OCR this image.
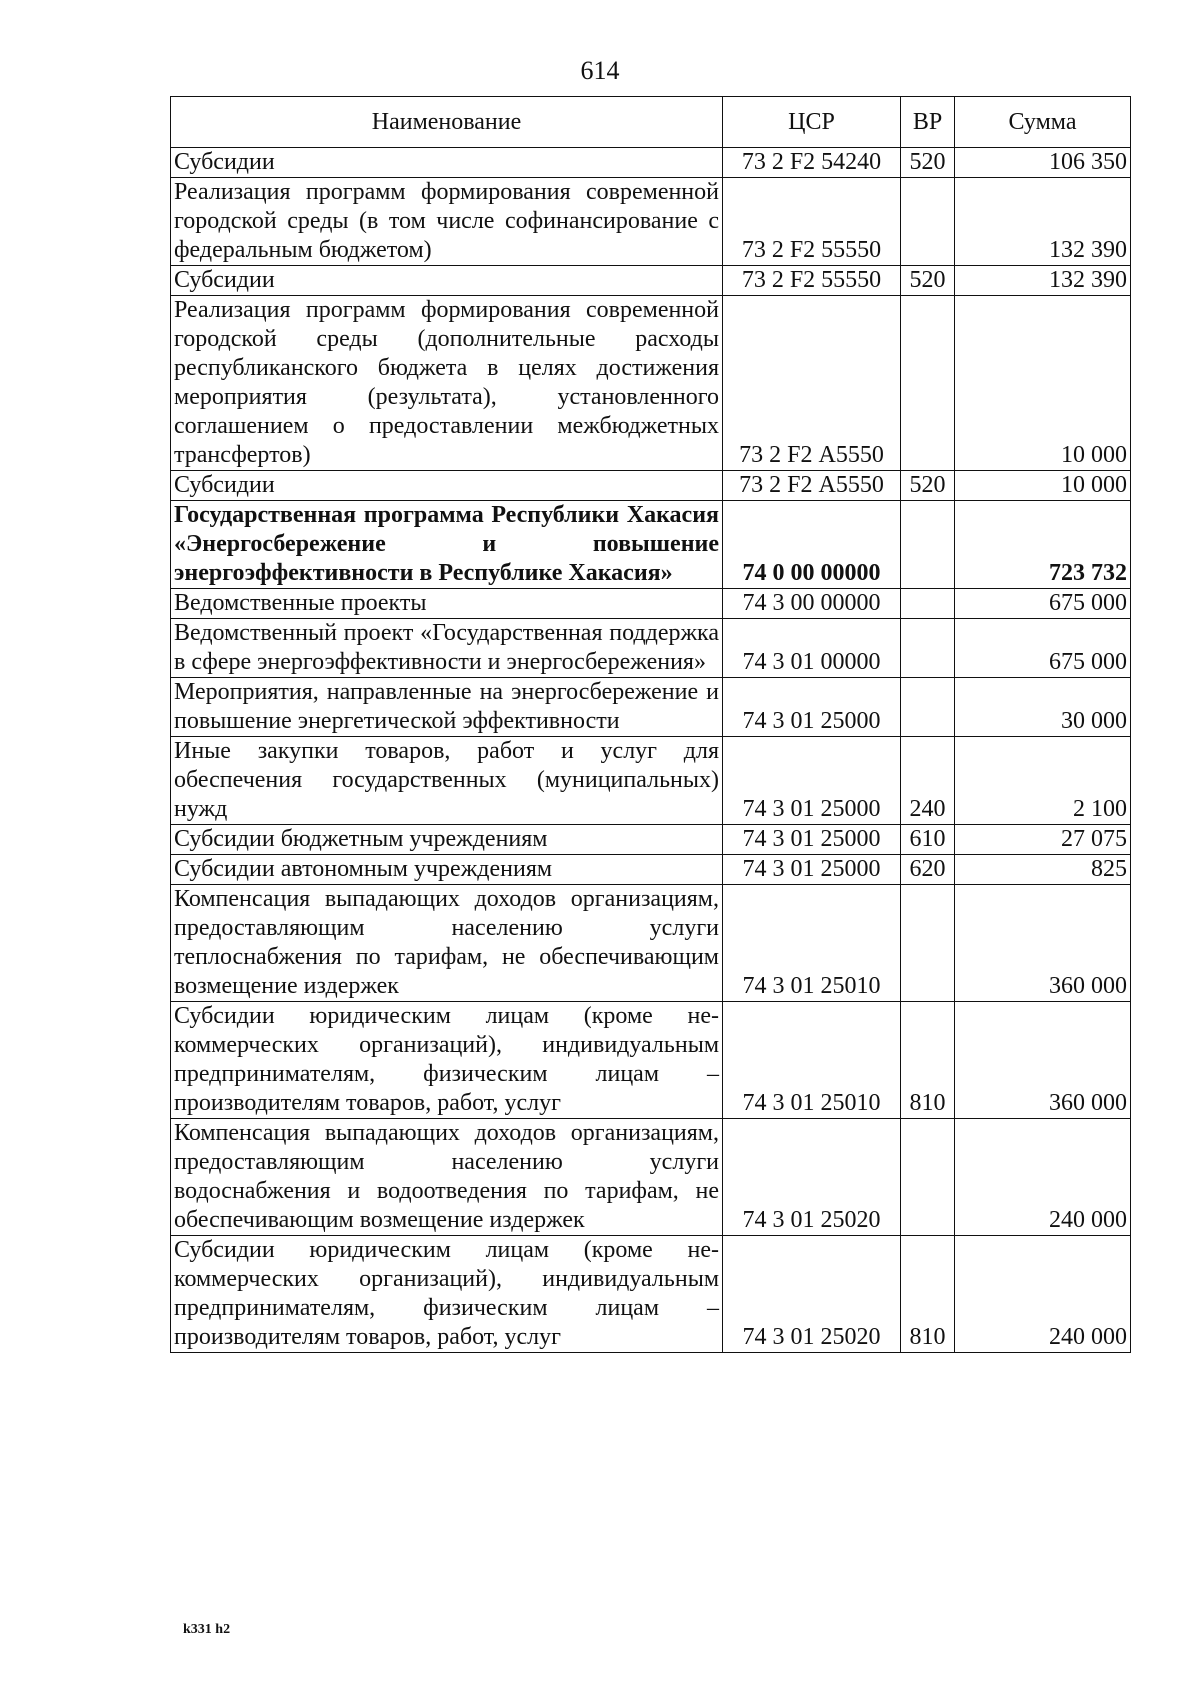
614
Наименование	ЦСР	ВР	Сумма
Субсидии	73 2 F2 54240	520	106 350
Реализация программ формирования современной городской среды (в том числе софинансирование с федеральным бюджетом)	73 2 F2 55550		132 390
Субсидии	73 2 F2 55550	520	132 390
Реализация программ формирования современной городской среды (дополнительные расходы республиканского бюджета в целях достижения мероприятия (результата), установленного соглашением о предоставлении межбюджетных трансфертов)	73 2 F2 А5550		10 000
Субсидии	73 2 F2 А5550	520	10 000
Государственная программа Республики Хакасия «Энергосбережение и повышение энергоэффективности в Республике Хакасия»	74 0 00 00000		723 732
Ведомственные проекты	74 3 00 00000		675 000
Ведомственный проект «Государственная поддержка в сфере энергоэффективности и энергосбережения»	74 3 01 00000		675 000
Мероприятия, направленные на энергосбережение и повышение энергетической эффективности	74 3 01 25000		30 000
Иные закупки товаров, работ и услуг для обеспечения государственных (муниципальных) нужд	74 3 01 25000	240	2 100
Субсидии бюджетным учреждениям	74 3 01 25000	610	27 075
Субсидии автономным учреждениям	74 3 01 25000	620	825
Компенсация выпадающих доходов организациям, предоставляющим населению услуги теплоснабжения по тарифам, не обеспечивающим возмещение издержек	74 3 01 25010		360 000
Субсидии юридическим лицам (кроме некоммерческих организаций), индивидуальным предпринимателям, физическим лицам – производителям товаров, работ, услуг	74 3 01 25010	810	360 000
Компенсация выпадающих доходов организациям, предоставляющим населению услуги водоснабжения и водоотведения по тарифам, не обеспечивающим возмещение издержек	74 3 01 25020		240 000
Субсидии юридическим лицам (кроме некоммерческих организаций), индивидуальным предпринимателям, физическим лицам – производителям товаров, работ, услуг	74 3 01 25020	810	240 000
k331 h2
